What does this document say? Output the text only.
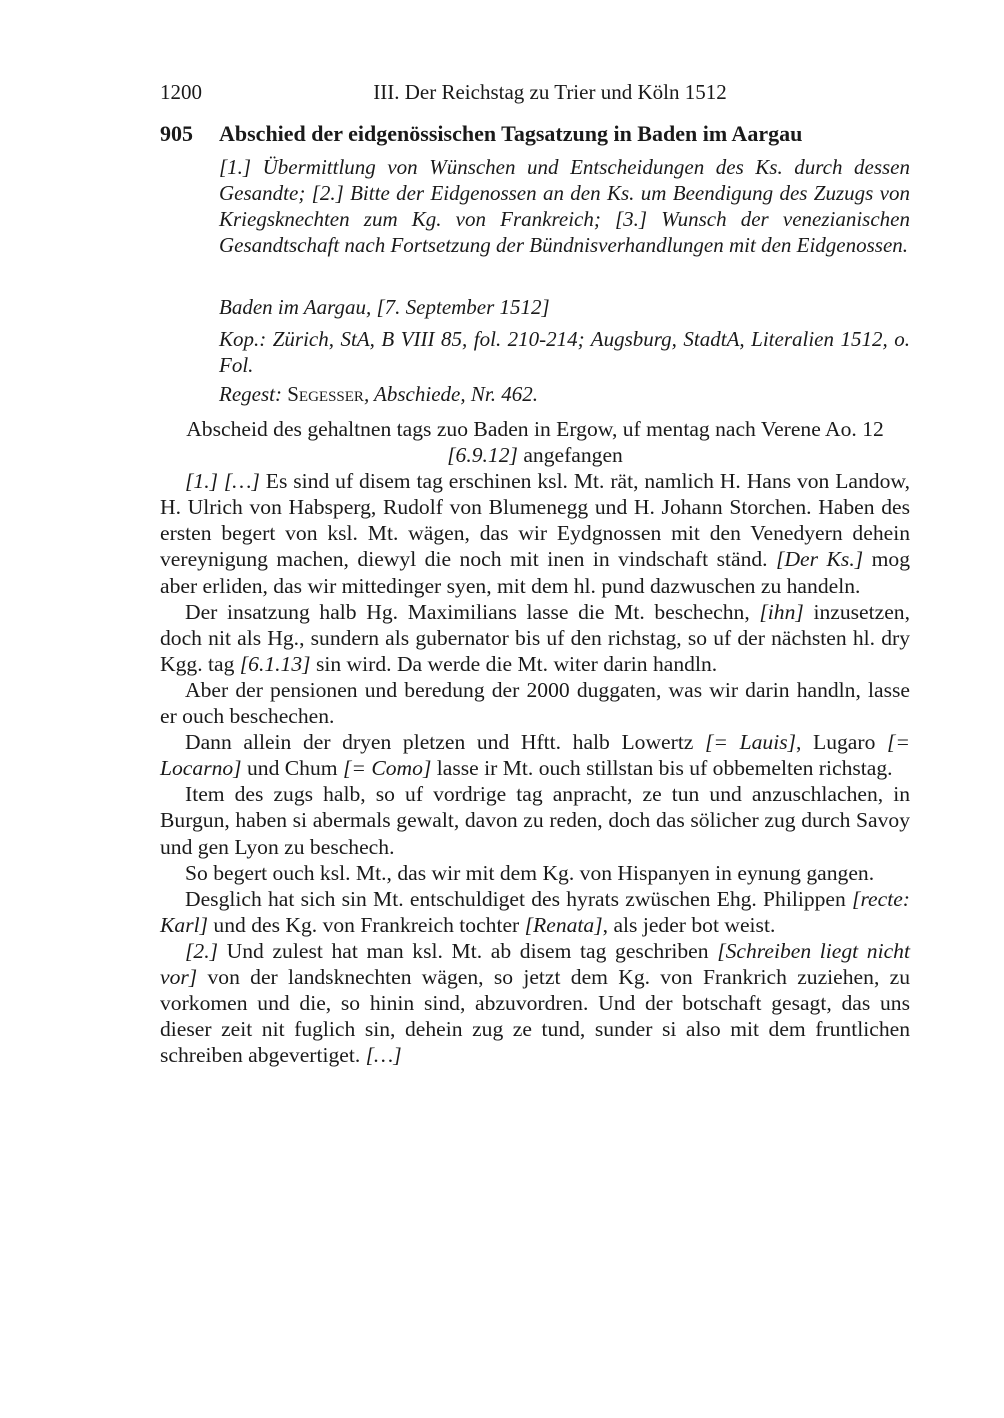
1200	III. Der Reichstag zu Trier und Köln 1512
905 Abschied der eidgenössischen Tagsatzung in Baden im Aargau
[1.] Übermittlung von Wünschen und Entscheidungen des Ks. durch dessen Gesandte; [2.] Bitte der Eidgenossen an den Ks. um Beendigung des Zuzugs von Kriegsknechten zum Kg. von Frankreich; [3.] Wunsch der venezianischen Gesandtschaft nach Fortsetzung der Bündnisverhandlungen mit den Eidgenossen.
Baden im Aargau, [7. September 1512]
Kop.: Zürich, StA, B VIII 85, fol. 210-214; Augsburg, StadtA, Literalien 1512, o. Fol.
Regest: Segesser, Abschiede, Nr. 462.
Abscheid des gehaltnen tags zuo Baden in Ergow, uf mentag nach Verene Ao. 12 [6.9.12] angefangen

[1.] […] Es sind uf disem tag erschinen ksl. Mt. rät, namlich H. Hans von Landow, H. Ulrich von Habsperg, Rudolf von Blumenegg und H. Johann Storchen. Haben des ersten begert von ksl. Mt. wägen, das wir Eydgnossen mit den Venedyern dehein vereynigung machen, diewyl die noch mit inen in vindschaft ständ. [Der Ks.] mog aber erliden, das wir mittedinger syen, mit dem hl. pund dazwuschen zu handeln.

Der insatzung halb Hg. Maximilians lasse die Mt. beschechn, [ihn] inzusetzen, doch nit als Hg., sundern als gubernator bis uf den richstag, so uf der nächsten hl. dry Kgg. tag [6.1.13] sin wird. Da werde die Mt. witer darin handln.

Aber der pensionen und beredung der 2000 duggaten, was wir darin handln, lasse er ouch beschechen.

Dann allein der dryen pletzen und Hftt. halb Lowertz [= Lauis], Lugaro [= Locarno] und Chum [= Como] lasse ir Mt. ouch stillstan bis uf obbemelten richstag.

Item des zugs halb, so uf vordrige tag anpracht, ze tun und anzuschlachen, in Burgun, haben si abermals gewalt, davon zu reden, doch das sölicher zug durch Savoy und gen Lyon zu beschech.

So begert ouch ksl. Mt., das wir mit dem Kg. von Hispanyen in eynung gangen.

Desglich hat sich sin Mt. entschuldiget des hyrats zwüschen Ehg. Philippen [recte: Karl] und des Kg. von Frankreich tochter [Renata], als jeder bot weist.

[2.] Und zulest hat man ksl. Mt. ab disem tag geschriben [Schreiben liegt nicht vor] von der landsknechten wägen, so jetzt dem Kg. von Frankrich zuziehen, zu vorkomen und die, so hinin sind, abzuvordren. Und der botschaft gesagt, das uns dieser zeit nit fuglich sin, dehein zug ze tund, sunder si also mit dem fruntlichen schreiben abgevertiget. […]
